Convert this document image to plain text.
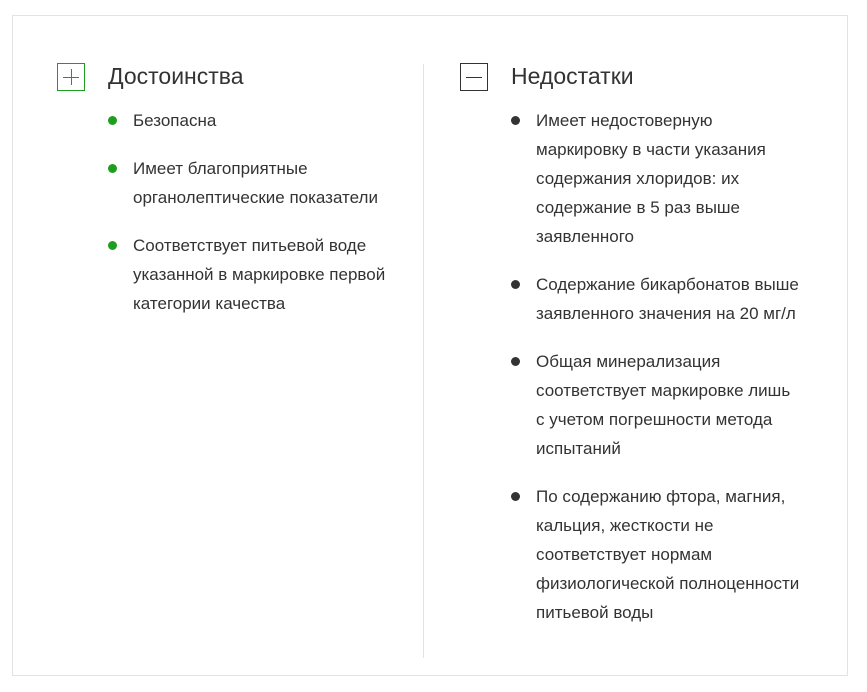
Достоинства
Безопасна
Имеет благоприятные органолептические показатели
Соответствует питьевой воде указанной в маркировке первой категории качества
Недостатки
Имеет недостоверную маркировку в части указания содержания хлоридов: их содержание в 5 раз выше заявленного
Содержание бикарбонатов выше заявленного значения на 20 мг/л
Общая минерализация соответствует маркировке лишь с учетом погрешности метода испытаний
По содержанию фтора, магния, кальция, жесткости не соответствует нормам физиологической полноценности питьевой воды
